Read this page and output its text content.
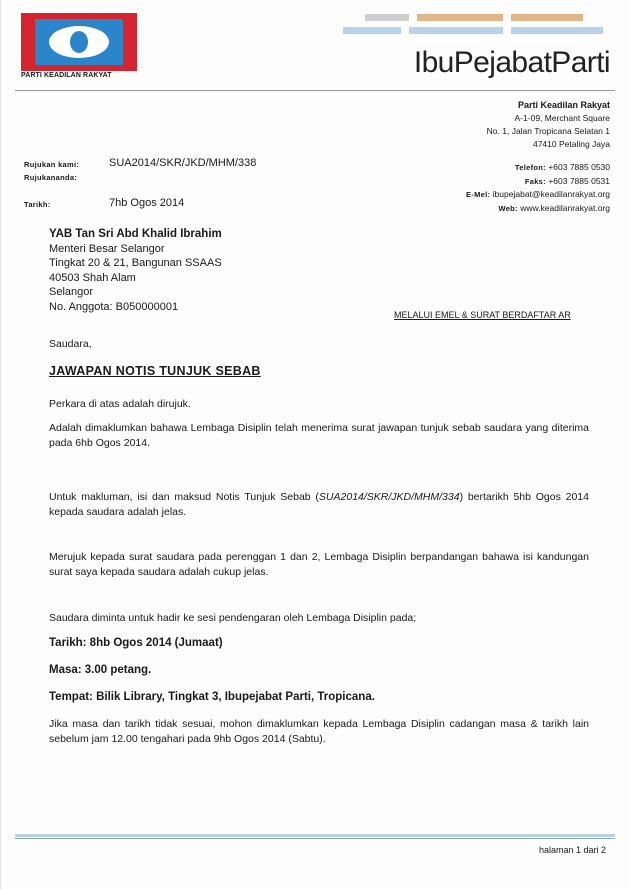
PARTI KEADILAN RAKYAT	IbuPejabatParti
Parti Keadilan Rakyat
A-1-09, Merchant Square
No. 1, Jalan Tropicana Selatan 1
47410 Petaling Jaya
Telefon: +603 7885 0530
Faks: +603 7885 0531
E-Mel: ibupejabat@keadilanrakyat.org
Web: www.keadilanrakyat.org
Rujukan kami:	SUA2014/SKR/JKD/MHM/338
Rujukananda:
Tarikh:	7hb Ogos 2014
YAB Tan Sri Abd Khalid Ibrahim
Menteri Besar Selangor
Tingkat 20 & 21, Bangunan SSAAS
40503 Shah Alam
Selangor
No. Anggota: B050000001
MELALUI EMEL & SURAT BERDAFTAR AR
Saudara,
JAWAPAN NOTIS TUNJUK SEBAB
Perkara di atas adalah dirujuk.
Adalah dimaklumkan bahawa Lembaga Disiplin telah menerima surat jawapan tunjuk sebab saudara yang diterima pada 6hb Ogos 2014.
Untuk makluman, isi dan maksud Notis Tunjuk Sebab (SUA2014/SKR/JKD/MHM/334) bertarikh 5hb Ogos 2014 kepada saudara adalah jelas.
Merujuk kepada surat saudara pada perenggan 1 dan 2, Lembaga Disiplin berpandangan bahawa isi kandungan surat saya kepada saudara adalah cukup jelas.
Saudara diminta untuk hadir ke sesi pendengaran oleh Lembaga Disiplin pada;
Tarikh: 8hb Ogos 2014 (Jumaat)
Masa: 3.00 petang.
Tempat: Bilik Library, Tingkat 3, Ibupejabat Parti, Tropicana.
Jika masa dan tarikh tidak sesuai, mohon dimaklumkan kepada Lembaga Disiplin cadangan masa & tarikh lain sebelum jam 12.00 tengahari pada 9hb Ogos 2014 (Sabtu).
halaman 1 dari 2
